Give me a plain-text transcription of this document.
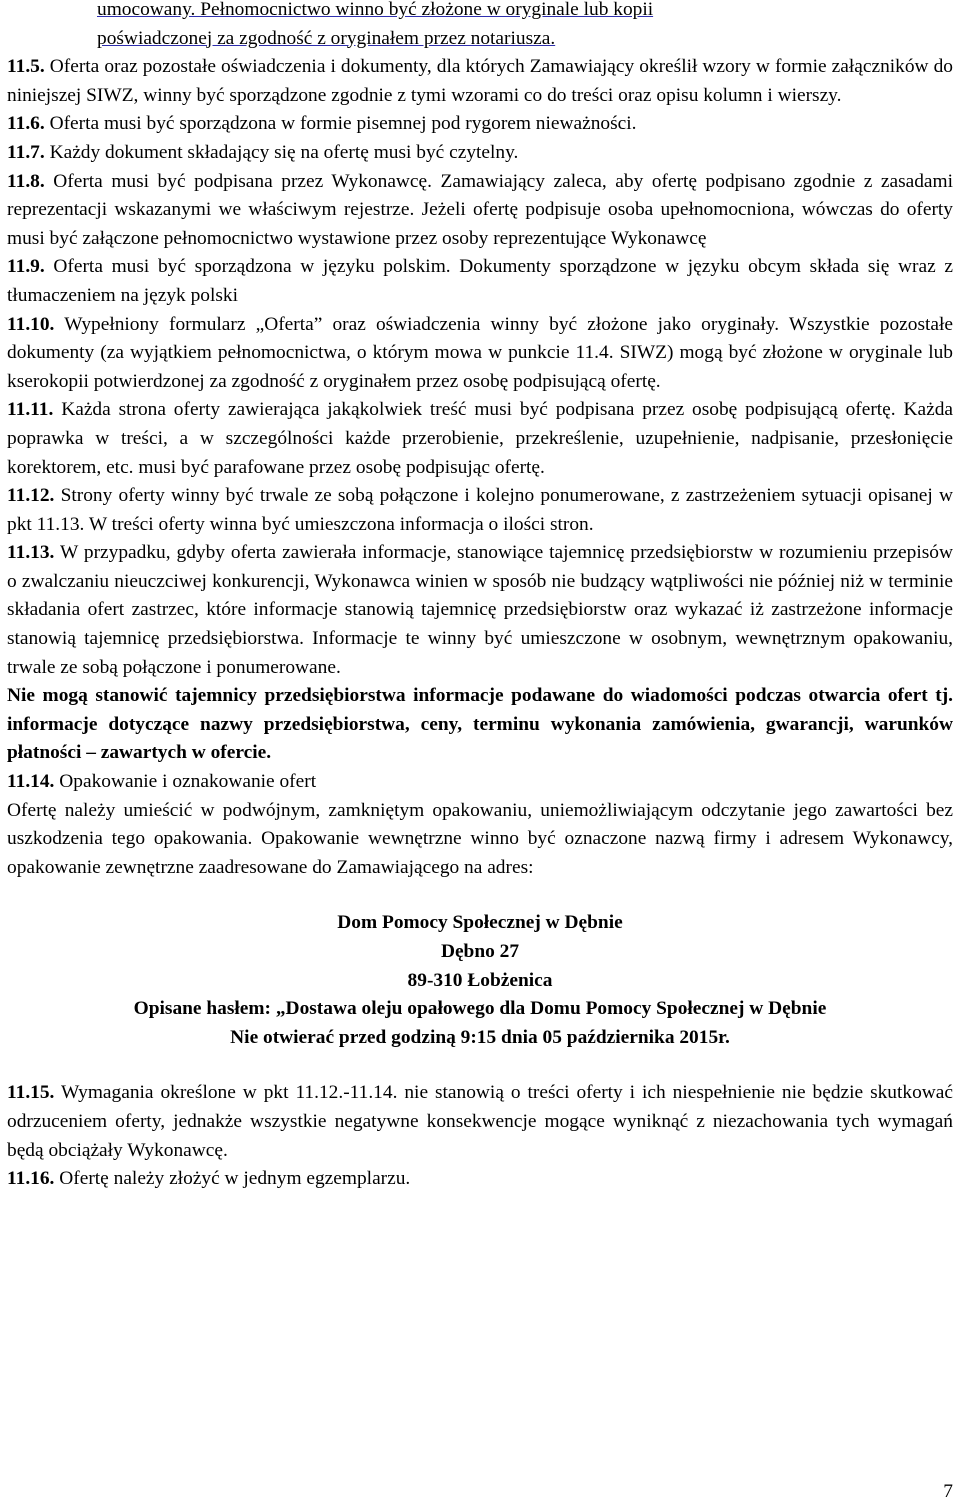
umocowany. Pełnomocnictwo winno być złożone w oryginale lub kopii
poświadczonej za zgodność z oryginałem przez notariusza.

11.5. Oferta oraz pozostałe oświadczenia i dokumenty, dla których Zamawiający określił wzory w formie załączników do niniejszej SIWZ, winny być sporządzone zgodnie z tymi wzorami co do treści oraz opisu kolumn i wierszy.

11.6. Oferta musi być sporządzona w formie pisemnej pod rygorem nieważności.

11.7. Każdy dokument składający się na ofertę musi być czytelny.

11.8. Oferta musi być podpisana przez Wykonawcę. Zamawiający zaleca, aby ofertę podpisano zgodnie z zasadami reprezentacji wskazanymi we właściwym rejestrze. Jeżeli ofertę podpisuje osoba upełnomocniona, wówczas do oferty musi być załączone pełnomocnictwo wystawione przez osoby reprezentujące Wykonawcę

11.9. Oferta musi być sporządzona w języku polskim. Dokumenty sporządzone w języku obcym składa się wraz z tłumaczeniem na język polski

11.10. Wypełniony formularz „Oferta” oraz oświadczenia winny być złożone jako oryginały. Wszystkie pozostałe dokumenty (za wyjątkiem pełnomocnictwa, o którym mowa w punkcie 11.4. SIWZ) mogą być złożone w oryginale lub kserokopii potwierdzonej za zgodność z oryginałem przez osobę podpisującą ofertę.

11.11. Każda strona oferty zawierająca jakąkolwiek treść musi być podpisana przez osobę podpisującą ofertę. Każda poprawka w treści, a w szczególności każde przerobienie, przekreślenie, uzupełnienie, nadpisanie, przesłonięcie korektorem, etc. musi być parafowane przez osobę podpisując ofertę.

11.12. Strony oferty winny być trwale ze sobą połączone i kolejno ponumerowane, z zastrzeżeniem sytuacji opisanej w pkt 11.13. W treści oferty winna być umieszczona informacja o ilości stron.

11.13. W przypadku, gdyby oferta zawierała informacje, stanowiące tajemnicę przedsiębiorstw w rozumieniu przepisów o zwalczaniu nieuczciwej konkurencji, Wykonawca winien w sposób nie budzący wątpliwości nie później niż w terminie składania ofert zastrzec, które informacje stanowią tajemnicę przedsiębiorstw oraz wykazać iż zastrzeżone informacje stanowią tajemnicę przedsiębiorstwa. Informacje te winny być umieszczone w osobnym, wewnętrznym opakowaniu, trwale ze sobą połączone i ponumerowane.

Nie mogą stanowić tajemnicy przedsiębiorstwa informacje podawane do wiadomości podczas otwarcia ofert tj. informacje dotyczące nazwy przedsiębiorstwa, ceny, terminu wykonania zamówienia, gwarancji, warunków płatności – zawartych w ofercie.

11.14. Opakowanie i oznakowanie ofert

Ofertę należy umieścić w podwójnym, zamkniętym opakowaniu, uniemożliwiającym odczytanie jego zawartości bez uszkodzenia tego opakowania. Opakowanie wewnętrzne winno być oznaczone nazwą firmy i adresem Wykonawcy, opakowanie zewnętrzne zaadresowane do Zamawiającego na adres:

Dom Pomocy Społecznej w Dębnie
Dębno 27
89-310 Łobżenica
Opisane hasłem: „Dostawa oleju opałowego dla Domu Pomocy Społecznej w Dębnie
Nie otwierać przed godziną 9:15 dnia 05 października 2015r.

11.15. Wymagania określone w pkt 11.12.-11.14. nie stanowią o treści oferty i ich niespełnienie nie będzie skutkować odrzuceniem oferty, jednakże wszystkie negatywne konsekwencje mogące wyniknąć z niezachowania tych wymagań będą obciążały Wykonawcę.

11.16. Ofertę należy złożyć w jednym egzemplarzu.

7
